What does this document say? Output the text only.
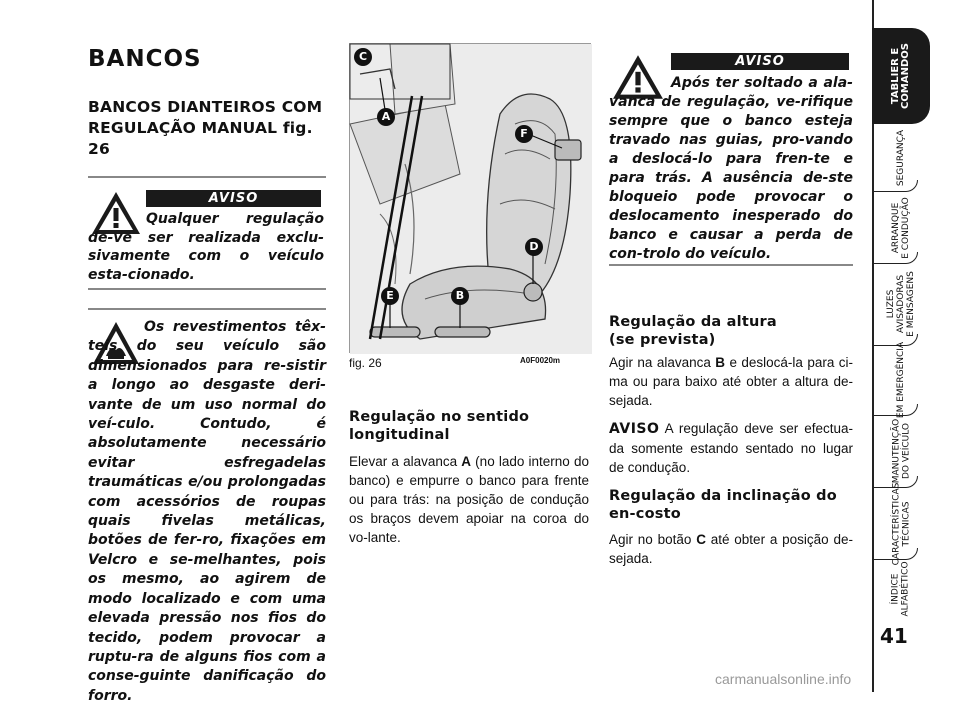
BANCOS
BANCOS DIANTEIROS COM REGULAÇÃO MANUAL fig. 26
AVISO
Qualquer regulação de-ve ser realizada exclu-sivamente com o veículo esta-cionado.
Os revestimentos têx-teis do seu veículo são dimensionados para re-sistir a longo ao desgaste deri-vante de um uso normal do veí-culo. Contudo, é absolutamente necessário evitar esfregadelas traumáticas e/ou prolongadas com acessórios de roupas quais fivelas metálicas, botões de fer-ro, fixações em Velcro e se-melhantes, pois os mesmo, ao agirem de modo localizado e com uma elevada pressão nos fios do tecido, podem provocar a ruptu-ra de alguns fios com a conse-guinte danificação do forro.
C
A
F
D
E	B
fig. 26	A0F0020m
Regulação no sentido longitudinal
Elevar a alavanca A (no lado interno do banco) e empurre o banco para frente ou para trás: na posição de condução os braços devem apoiar na coroa do vo-lante.
AVISO
Após ter soltado a ala-vanca de regulação, ve-rifique sempre que o banco esteja travado nas guias, pro-vando a deslocá-lo para fren-te e para trás. A ausência de-ste bloqueio pode provocar o deslocamento inesperado do banco e causar a perda de con-trolo do veículo.
Regulação da altura (se prevista)
Agir na alavanca B e deslocá-la para ci-ma ou para baixo até obter a altura de-sejada.
AVISO A regulação deve ser efectua-da somente estando sentado no lugar de condução.
Regulação da inclinação do en-costo
Agir no botão C até obter a posição de-sejada.
TABLIER E
COMANDOS
SEGURANÇA
ARRANQUE
E CONDUÇÃO
LUZES
AVISADORAS
E MENSAGENS
EM EMERGÊNCIA
MANUTENÇÃO
DO VEÍCULO
CARACTERÍSTICAS
TÉCNICAS
ÍNDICE
ALFABÉTICO
41
carmanualsonline.info
